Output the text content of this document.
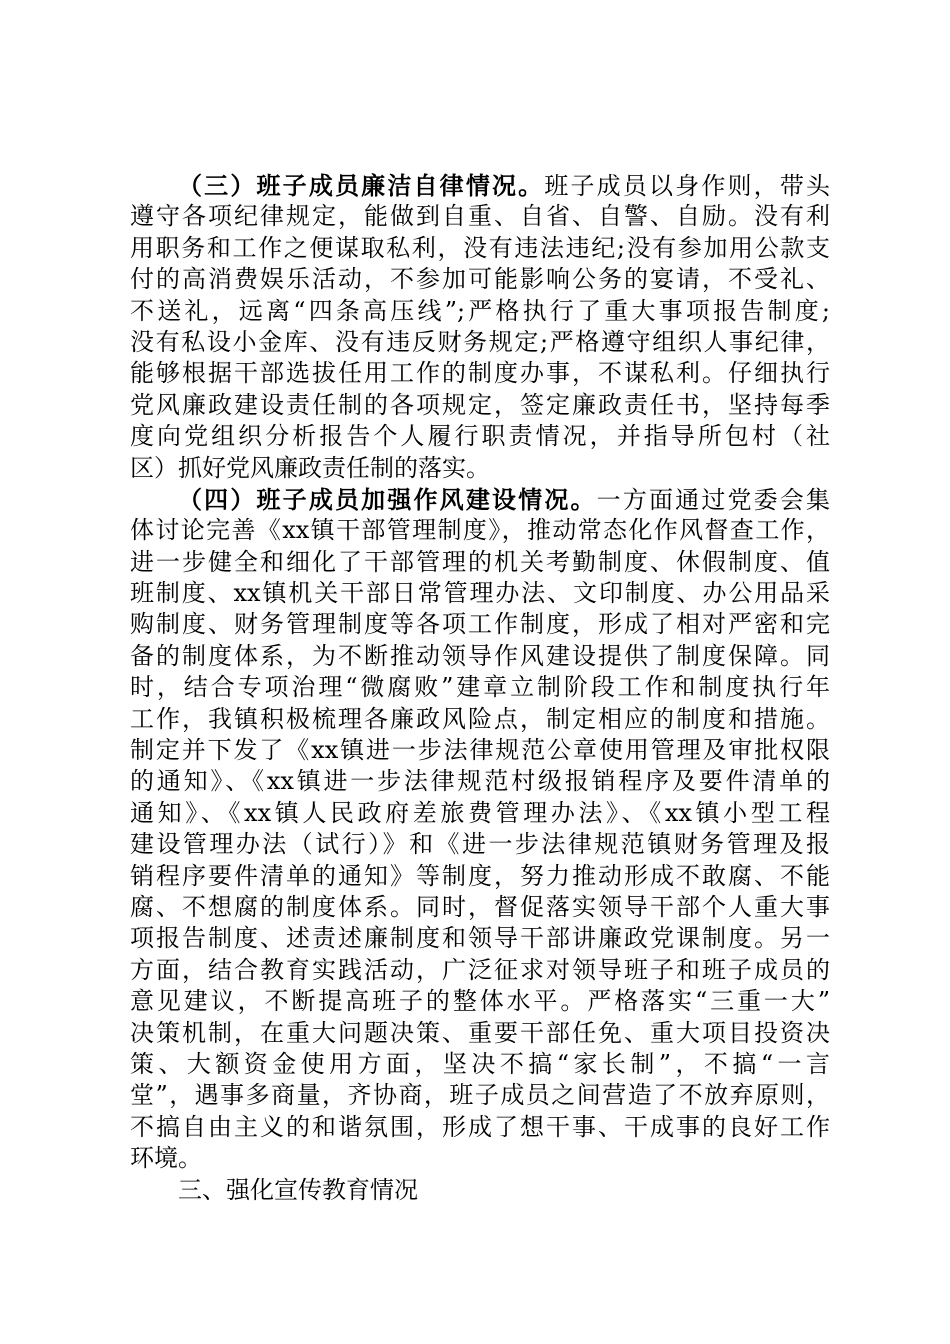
（三）班子成员廉洁自律情况。班子成员以身作则，带头
遵守各项纪律规定，能做到自重、自省、自警、自励。没有利
用职务和工作之便谋取私利，没有违法违纪;没有参加用公款支
付的高消费娱乐活动，不参加可能影响公务的宴请，不受礼、
不送礼，远离“四条高压线”;严格执行了重大事项报告制度;
没有私设小金库、没有违反财务规定;严格遵守组织人事纪律，
能够根据干部选拔任用工作的制度办事，不谋私利。仔细执行
党风廉政建设责任制的各项规定，签定廉政责任书，坚持每季
度向党组织分析报告个人履行职责情况，并指导所包村（社
区）抓好党风廉政责任制的落实。
（四）班子成员加强作风建设情况。一方面通过党委会集
体讨论完善《xx镇干部管理制度》，推动常态化作风督查工作，
进一步健全和细化了干部管理的机关考勤制度、休假制度、值
班制度、xx镇机关干部日常管理办法、文印制度、办公用品采
购制度、财务管理制度等各项工作制度，形成了相对严密和完
备的制度体系，为不断推动领导作风建设提供了制度保障。同
时，结合专项治理“微腐败”建章立制阶段工作和制度执行年
工作，我镇积极梳理各廉政风险点，制定相应的制度和措施。
制定并下发了《xx镇进一步法律规范公章使用管理及审批权限
的通知》、《xx镇进一步法律规范村级报销程序及要件清单的
通知》、《xx镇人民政府差旅费管理办法》、《xx镇小型工程
建设管理办法（试行）》和《进一步法律规范镇财务管理及报
销程序要件清单的通知》等制度，努力推动形成不敢腐、不能
腐、不想腐的制度体系。同时，督促落实领导干部个人重大事
项报告制度、述责述廉制度和领导干部讲廉政党课制度。另一
方面，结合教育实践活动，广泛征求对领导班子和班子成员的
意见建议，不断提高班子的整体水平。严格落实“三重一大”
决策机制，在重大问题决策、重要干部任免、重大项目投资决
策、大额资金使用方面，坚决不搞“家长制”，不搞“一言
堂”，遇事多商量，齐协商，班子成员之间营造了不放弃原则，
不搞自由主义的和谐氛围，形成了想干事、干成事的良好工作
环境。
三、强化宣传教育情况
